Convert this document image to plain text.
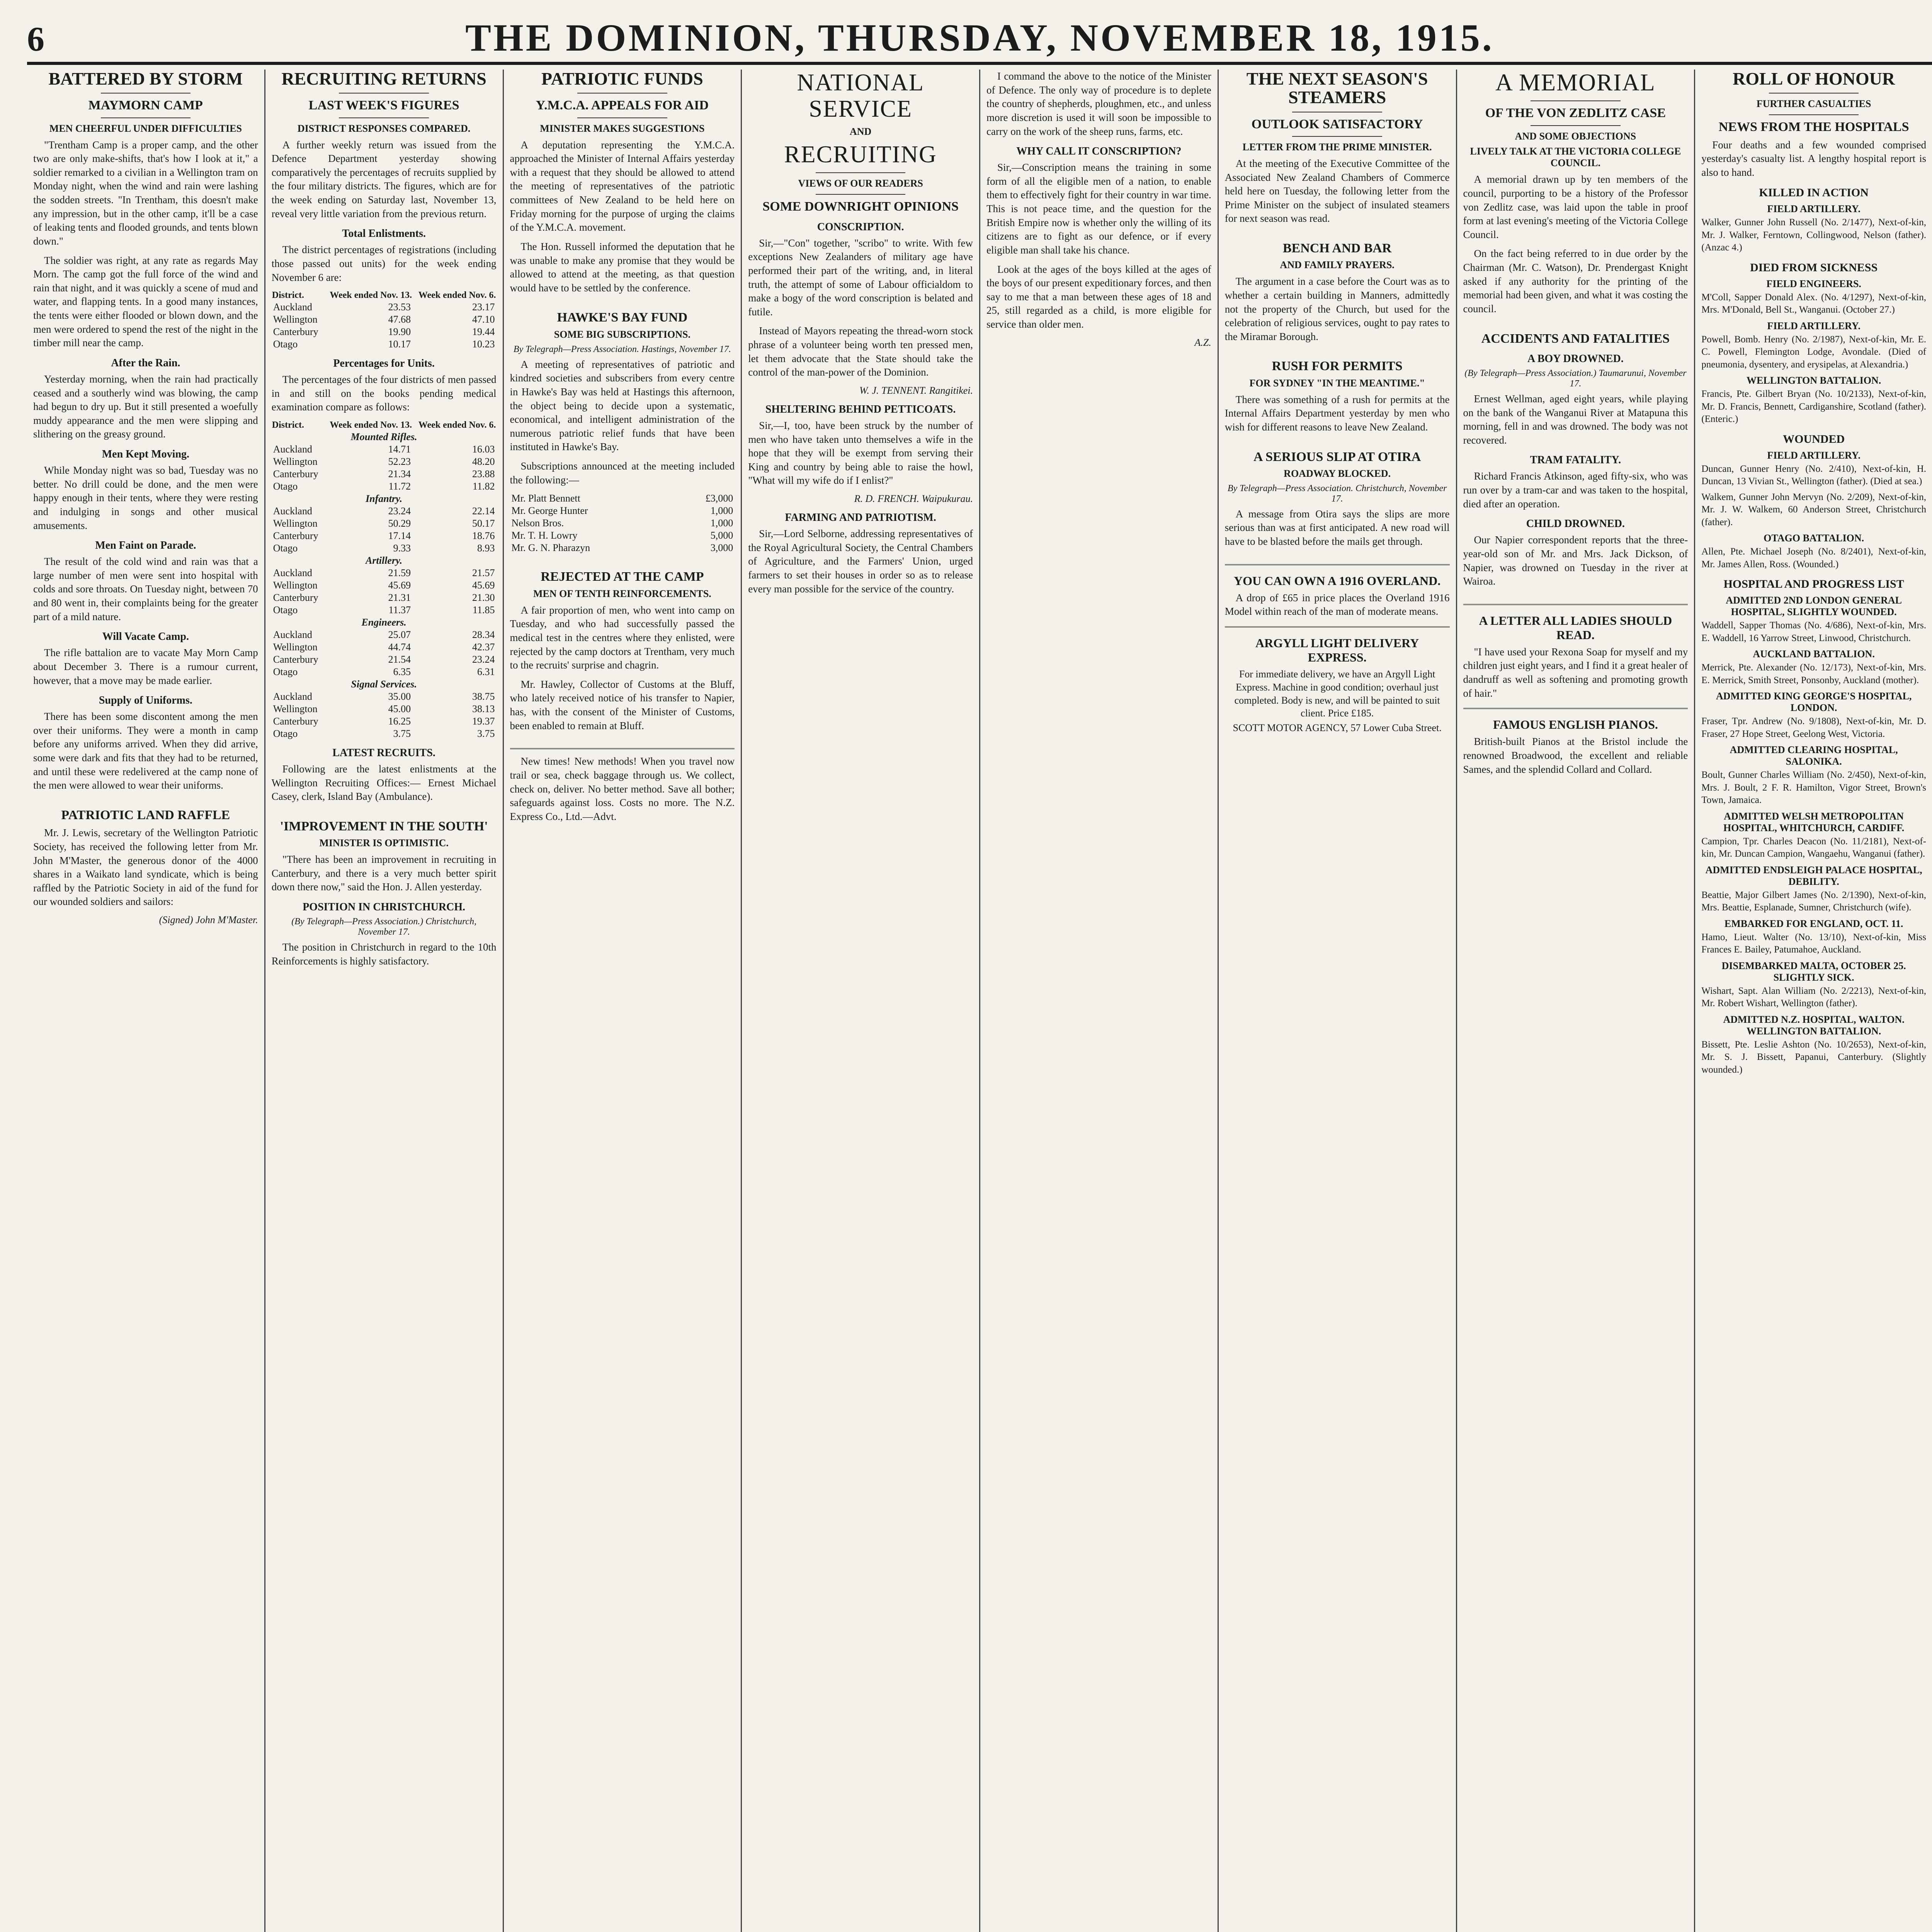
6	THE DOMINION, THURSDAY, NOVEMBER 18, 1915.
BATTERED BY STORM
MAYMORN CAMP
MEN CHEERFUL UNDER DIFFICULTIES

"Trentham Camp is a proper camp, and the other two are only make-shifts, that's how I look at it," a soldier remarked to a civilian in a Wellington tram on Monday night, when the wind and rain were lashing the sodden streets. "In Trentham, this doesn't make any impression, but in the other camp, it'll be a case of leaking tents and flooded grounds, and tents blown down."

The soldier was right, at any rate as regards May Morn. The camp got the full force of the wind and rain that night, and it was quickly a scene of mud and water, and flapping tents. In a good many instances, the tents were either flooded or blown down, and the men were ordered to spend the rest of the night in the timber mill near the camp.

After the Rain.

Yesterday morning, when the rain had practically ceased and a southerly wind was blowing, the camp had begun to dry up. But it still presented a woefully muddy appearance and the men were slipping and slithering on the greasy ground.

Men Kept Moving.

While Monday night was so bad, Tuesday was no better. No drill could be done, and the men were happy enough in their tents, where they were resting and indulging in songs and other musical amusements.

Men Faint on Parade.

The result of the cold wind and rain was that a large number of men were sent into hospital with colds and sore throats. On Tuesday night, between 70 and 80 went in, their complaints being for the greater part of a mild nature.

Will Vacate Camp.

The rifle battalion are to vacate May Morn Camp about December 3. There is a rumour current, however, that a move may be made earlier.

Supply of Uniforms.

There has been some discontent among the men over their uniforms. They were a month in camp before any uniforms arrived. When they did arrive, some were dark and fits that they had to be returned, and until these were redelivered at the camp none of the men were allowed to wear their uniforms.

PATRIOTIC LAND RAFFLE

Mr. J. Lewis, secretary of the Wellington Patriotic Society, has received the following letter from Mr. John M'Master, the generous donor of the 4000 shares in a Waikato land syndicate, which is being raffled by the Patriotic Society in aid of the fund for our wounded soldiers and sailors:

(Signed) John M'Master.
RECRUITING RETURNS
LAST WEEK'S FIGURES
DISTRICT RESPONSES COMPARED.

A further weekly return was issued from the Defence Department yesterday showing comparatively the percentages of recruits supplied by the four military districts. The figures, which are for the week ending on Saturday last, November 13, reveal very little variation from the previous return.

Total Enlistments.

The district percentages of registrations (including those passed out units) for the week ending November 6 are:

District.	Week ended Nov. 13.	Week ended Nov. 6.
Auckland	23.53	23.17
Wellington	47.68	47.10
Canterbury	19.90	19.44
Otago	10.17	10.23
Percentages for Units.

The percentages of the four districts of men passed in and still on the books pending medical examination compare as follows:

District.	Week ended Nov. 13.	Week ended Nov. 6.
Mounted Rifles.		
Auckland	14.71	16.03
Wellington	52.23	48.20
Canterbury	21.34	23.88
Otago	11.72	11.82
Infantry.		
Auckland	23.24	22.14
Wellington	50.29	50.17
Canterbury	17.14	18.76
Otago	9.33	8.93
Artillery.		
Auckland	21.59	21.57
Wellington	45.69	45.69
Canterbury	21.31	21.30
Otago	11.37	11.85
Engineers.		
Auckland	25.07	28.34
Wellington	44.74	42.37
Canterbury	21.54	23.24
Otago	6.35	6.31
Signal Services.		
Auckland	35.00	38.75
Wellington	45.00	38.13
Canterbury	16.25	19.37
Otago	3.75	3.75
LATEST RECRUITS.

Following are the latest enlistments at the Wellington Recruiting Offices:— Ernest Michael Casey, clerk, Island Bay (Ambulance).

'IMPROVEMENT IN THE SOUTH'
MINISTER IS OPTIMISTIC.

"There has been an improvement in recruiting in Canterbury, and there is a very much better spirit down there now," said the Hon. J. Allen yesterday.

POSITION IN CHRISTCHURCH.
(By Telegraph—Press Association.) Christchurch, November 17.

The position in Christchurch in regard to the 10th Reinforcements is highly satisfactory.

PATRIOTIC FUNDS
Y.M.C.A. APPEALS FOR AID
MINISTER MAKES SUGGESTIONS

A deputation representing the Y.M.C.A. approached the Minister of Internal Affairs yesterday with a request that they should be allowed to attend the meeting of representatives of the patriotic committees of New Zealand to be held here on Friday morning for the purpose of urging the claims of the Y.M.C.A. movement.

The Hon. Russell informed the deputation that he was unable to make any promise that they would be allowed to attend at the meeting, as that question would have to be settled by the conference.

HAWKE'S BAY FUND
SOME BIG SUBSCRIPTIONS.
By Telegraph—Press Association. Hastings, November 17.

A meeting of representatives of patriotic and kindred societies and subscribers from every centre in Hawke's Bay was held at Hastings this afternoon, the object being to decide upon a systematic, economical, and intelligent administration of the numerous patriotic relief funds that have been instituted in Hawke's Bay.

Subscriptions announced at the meeting included the following:—

Mr. Platt Bennett	£3,000
Mr. George Hunter	1,000
Nelson Bros.	1,000
Mr. T. H. Lowry	5,000
Mr. G. N. Pharazyn	3,000
REJECTED AT THE CAMP
MEN OF TENTH REINFORCEMENTS.

A fair proportion of men, who went into camp on Tuesday, and who had successfully passed the medical test in the centres where they enlisted, were rejected by the camp doctors at Trentham, very much to the recruits' surprise and chagrin.

Mr. Hawley, Collector of Customs at the Bluff, who lately received notice of his transfer to Napier, has, with the consent of the Minister of Customs, been enabled to remain at Bluff.

New times! New methods! When you travel now trail or sea, check baggage through us. We collect, check on, deliver. No better method. Save all bother; safeguards against loss. Costs no more. The N.Z. Express Co., Ltd.—Advt.

NATIONAL SERVICE
AND
RECRUITING
VIEWS OF OUR READERS
SOME DOWNRIGHT OPINIONS
CONSCRIPTION.

Sir,—"Con" together, "scribo" to write. With few exceptions New Zealanders of military age have performed their part of the writing, and, in literal truth, the attempt of some of Labour officialdom to make a bogy of the word conscription is belated and futile.

Instead of Mayors repeating the thread-worn stock phrase of a volunteer being worth ten pressed men, let them advocate that the State should take the control of the man-power of the Dominion.

W. J. TENNENT. Rangitikei.
SHELTERING BEHIND PETTICOATS.

Sir,—I, too, have been struck by the number of men who have taken unto themselves a wife in the hope that they will be exempt from serving their King and country by being able to raise the howl, "What will my wife do if I enlist?"

R. D. FRENCH. Waipukurau.
FARMING AND PATRIOTISM.

Sir,—Lord Selborne, addressing representatives of the Royal Agricultural Society, the Central Chambers of Agriculture, and the Farmers' Union, urged farmers to set their houses in order so as to release every man possible for the service of the country.

I command the above to the notice of the Minister of Defence. The only way of procedure is to deplete the country of shepherds, ploughmen, etc., and unless more discretion is used it will soon be impossible to carry on the work of the sheep runs, farms, etc.

WHY CALL IT CONSCRIPTION?

Sir,—Conscription means the training in some form of all the eligible men of a nation, to enable them to effectively fight for their country in war time. This is not peace time, and the question for the British Empire now is whether only the willing of its citizens are to fight as our defence, or if every eligible man shall take his chance.

Look at the ages of the boys killed at the ages of the boys of our present expeditionary forces, and then say to me that a man between these ages of 18 and 25, still regarded as a child, is more eligible for service than older men.

A.Z.
THE NEXT SEASON'S STEAMERS
OUTLOOK SATISFACTORY
LETTER FROM THE PRIME MINISTER.

At the meeting of the Executive Committee of the Associated New Zealand Chambers of Commerce held here on Tuesday, the following letter from the Prime Minister on the subject of insulated steamers for next season was read.

BENCH AND BAR
AND FAMILY PRAYERS.

The argument in a case before the Court was as to whether a certain building in Manners, admittedly not the property of the Church, but used for the celebration of religious services, ought to pay rates to the Miramar Borough.

RUSH FOR PERMITS
FOR SYDNEY "IN THE MEANTIME."

There was something of a rush for permits at the Internal Affairs Department yesterday by men who wish for different reasons to leave New Zealand.

A SERIOUS SLIP AT OTIRA
ROADWAY BLOCKED.
By Telegraph—Press Association. Christchurch, November 17.

A message from Otira says the slips are more serious than was at first anticipated. A new road will have to be blasted before the mails get through.

YOU CAN OWN A 1916 OVERLAND.

A drop of £65 in price places the Overland 1916 Model within reach of the man of moderate means.

ARGYLL LIGHT DELIVERY EXPRESS.

For immediate delivery, we have an Argyll Light Express. Machine in good condition; overhaul just completed. Body is new, and will be painted to suit client. Price £185.

SCOTT MOTOR AGENCY, 57 Lower Cuba Street.

A MEMORIAL
OF THE VON ZEDLITZ CASE
AND SOME OBJECTIONS
LIVELY TALK AT THE VICTORIA COLLEGE COUNCIL.

A memorial drawn up by ten members of the council, purporting to be a history of the Professor von Zedlitz case, was laid upon the table in proof form at last evening's meeting of the Victoria College Council.

On the fact being referred to in due order by the Chairman (Mr. C. Watson), Dr. Prendergast Knight asked if any authority for the printing of the memorial had been given, and what it was costing the council.

ACCIDENTS AND FATALITIES
A BOY DROWNED.
(By Telegraph—Press Association.) Taumarunui, November 17.

Ernest Wellman, aged eight years, while playing on the bank of the Wanganui River at Matapuna this morning, fell in and was drowned. The body was not recovered.

TRAM FATALITY.

Richard Francis Atkinson, aged fifty-six, who was run over by a tram-car and was taken to the hospital, died after an operation.

CHILD DROWNED.

Our Napier correspondent reports that the three-year-old son of Mr. and Mrs. Jack Dickson, of Napier, was drowned on Tuesday in the river at Wairoa.

A LETTER ALL LADIES SHOULD READ.

"I have used your Rexona Soap for myself and my children just eight years, and I find it a great healer of dandruff as well as softening and promoting growth of hair."

FAMOUS ENGLISH PIANOS.

British-built Pianos at the Bristol include the renowned Broadwood, the excellent and reliable Sames, and the splendid Collard and Collard.

ROLL OF HONOUR
FURTHER CASUALTIES
NEWS FROM THE HOSPITALS

Four deaths and a few wounded comprised yesterday's casualty list. A lengthy hospital report is also to hand.

KILLED IN ACTION
FIELD ARTILLERY.

Walker, Gunner John Russell (No. 2/1477), Next-of-kin, Mr. J. Walker, Ferntown, Collingwood, Nelson (father). (Anzac 4.)

DIED FROM SICKNESS
FIELD ENGINEERS.

M'Coll, Sapper Donald Alex. (No. 4/1297), Next-of-kin, Mrs. M'Donald, Bell St., Wanganui. (October 27.)

FIELD ARTILLERY.

Powell, Bomb. Henry (No. 2/1987), Next-of-kin, Mr. E. C. Powell, Flemington Lodge, Avondale. (Died of pneumonia, dysentery, and erysipelas, at Alexandria.)

WELLINGTON BATTALION.

Francis, Pte. Gilbert Bryan (No. 10/2133), Next-of-kin, Mr. D. Francis, Bennett, Cardiganshire, Scotland (father). (Enteric.)

WOUNDED
FIELD ARTILLERY.

Duncan, Gunner Henry (No. 2/410), Next-of-kin, H. Duncan, 13 Vivian St., Wellington (father). (Died at sea.)

Walkem, Gunner John Mervyn (No. 2/209), Next-of-kin, Mr. J. W. Walkem, 60 Anderson Street, Christchurch (father).

OTAGO BATTALION.

Allen, Pte. Michael Joseph (No. 8/2401), Next-of-kin, Mr. James Allen, Ross. (Wounded.)

HOSPITAL AND PROGRESS LIST
ADMITTED 2ND LONDON GENERAL HOSPITAL, SLIGHTLY WOUNDED.

Waddell, Sapper Thomas (No. 4/686), Next-of-kin, Mrs. E. Waddell, 16 Yarrow Street, Linwood, Christchurch.

AUCKLAND BATTALION.

Merrick, Pte. Alexander (No. 12/173), Next-of-kin, Mrs. E. Merrick, Smith Street, Ponsonby, Auckland (mother).

ADMITTED KING GEORGE'S HOSPITAL, LONDON.

Fraser, Tpr. Andrew (No. 9/1808), Next-of-kin, Mr. D. Fraser, 27 Hope Street, Geelong West, Victoria.

ADMITTED CLEARING HOSPITAL, SALONIKA.

Boult, Gunner Charles William (No. 2/450), Next-of-kin, Mrs. J. Boult, 2 F. R. Hamilton, Vigor Street, Brown's Town, Jamaica.

ADMITTED WELSH METROPOLITAN HOSPITAL, WHITCHURCH, CARDIFF.

Campion, Tpr. Charles Deacon (No. 11/2181), Next-of-kin, Mr. Duncan Campion, Wangaehu, Wanganui (father).

ADMITTED ENDSLEIGH PALACE HOSPITAL, DEBILITY.

Beattie, Major Gilbert James (No. 2/1390), Next-of-kin, Mrs. Beattie, Esplanade, Sumner, Christchurch (wife).

EMBARKED FOR ENGLAND, OCT. 11.

Hamo, Lieut. Walter (No. 13/10), Next-of-kin, Miss Frances E. Bailey, Patumahoe, Auckland.

DISEMBARKED MALTA, OCTOBER 25. SLIGHTLY SICK.

Wishart, Sapt. Alan William (No. 2/2213), Next-of-kin, Mr. Robert Wishart, Wellington (father).

ADMITTED N.Z. HOSPITAL, WALTON. WELLINGTON BATTALION.

Bissett, Pte. Leslie Ashton (No. 10/2653), Next-of-kin, Mr. S. J. Bissett, Papanui, Canterbury. (Slightly wounded.)
